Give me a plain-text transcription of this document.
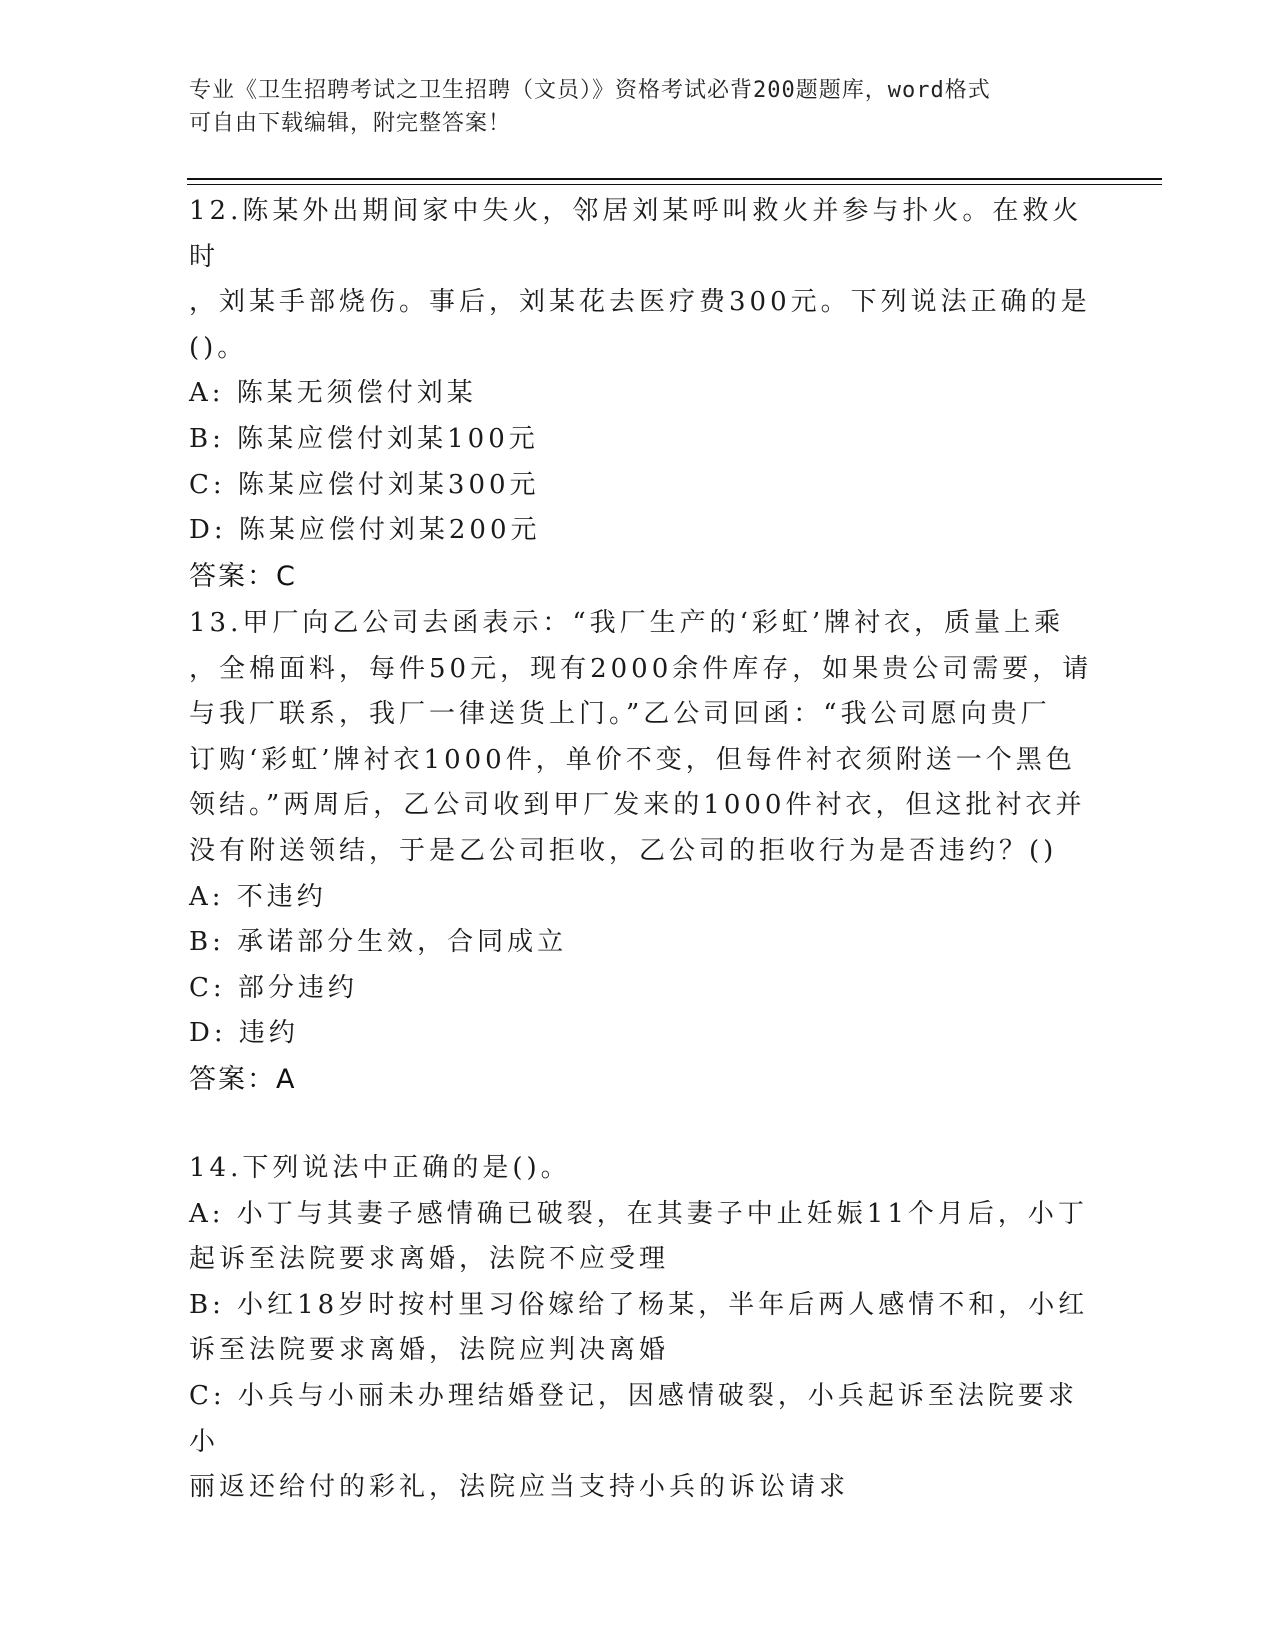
专业《卫生招聘考试之卫生招聘（文员）》资格考试必背200题题库，word格式
可自由下载编辑，附完整答案！
12.陈某外出期间家中失火，邻居刘某呼叫救火并参与扑火。在救火时
，刘某手部烧伤。事后，刘某花去医疗费300元。下列说法正确的是
()。
A: 陈某无须偿付刘某
B: 陈某应偿付刘某100元
C: 陈某应偿付刘某300元
D: 陈某应偿付刘某200元
答案：C
13.甲厂向乙公司去函表示：“我厂生产的‘彩虹’牌衬衣，质量上乘
，全棉面料，每件50元，现有2000余件库存，如果贵公司需要，请
与我厂联系，我厂一律送货上门。”乙公司回函：“我公司愿向贵厂
订购‘彩虹’牌衬衣1000件，单价不变，但每件衬衣须附送一个黑色
领结。”两周后，乙公司收到甲厂发来的1000件衬衣，但这批衬衣并
没有附送领结，于是乙公司拒收，乙公司的拒收行为是否违约？()
A: 不违约
B: 承诺部分生效，合同成立
C: 部分违约
D: 违约
答案：A
14.下列说法中正确的是()。
A: 小丁与其妻子感情确已破裂，在其妻子中止妊娠11个月后，小丁
起诉至法院要求离婚，法院不应受理
B: 小红18岁时按村里习俗嫁给了杨某，半年后两人感情不和，小红
诉至法院要求离婚，法院应判决离婚
C: 小兵与小丽未办理结婚登记，因感情破裂，小兵起诉至法院要求小
丽返还给付的彩礼，法院应当支持小兵的诉讼请求
